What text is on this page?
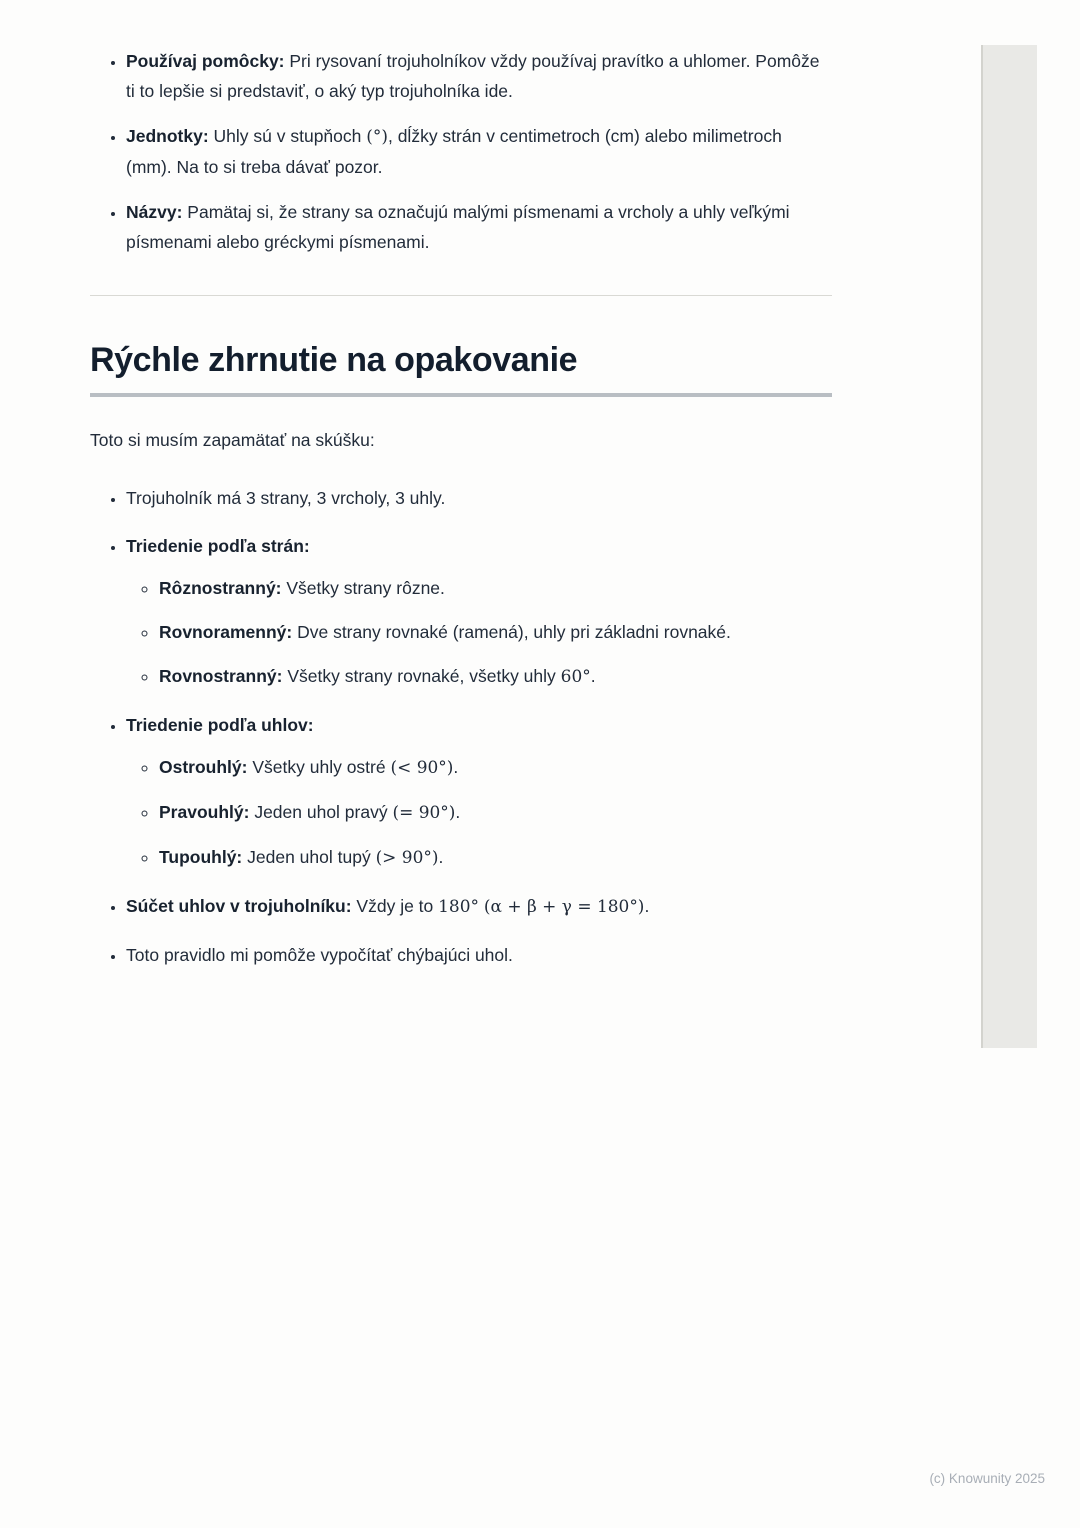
• Používaj pomôcky: Pri rysovaní trojuholníkov vždy používaj pravítko a uhlomer. Pomôže ti to lepšie si predstaviť, o aký typ trojuholníka ide.
• Jednotky: Uhly sú v stupňoch (°), dĺžky strán v centimetroch (cm) alebo milimetroch (mm). Na to si treba dávať pozor.
• Názvy: Pamätaj si, že strany sa označujú malými písmenami a vrcholy a uhly veľkými písmenami alebo gréckymi písmenami.
Rýchle zhrnutie na opakovanie

Toto si musím zapamätať na skúšku:

• Trojuholník má 3 strany, 3 vrcholy, 3 uhly.
• Triedenie podľa strán:
◦ Rôznostranný: Všetky strany rôzne.
◦ Rovnoramenný: Dve strany rovnaké (ramená), uhly pri základni rovnaké.
◦ Rovnostranný: Všetky strany rovnaké, všetky uhly 60°.
• Triedenie podľa uhlov:
◦ Ostrouhlý: Všetky uhly ostré (< 90°).
◦ Pravouhlý: Jeden uhol pravý (= 90°).
◦ Tupouhlý: Jeden uhol tupý (> 90°).
• Súčet uhlov v trojuholníku: Vždy je to 180° (α + β + γ = 180°).
• Toto pravidlo mi pomôže vypočítať chýbajúci uhol.
(c) Knowunity 2025
